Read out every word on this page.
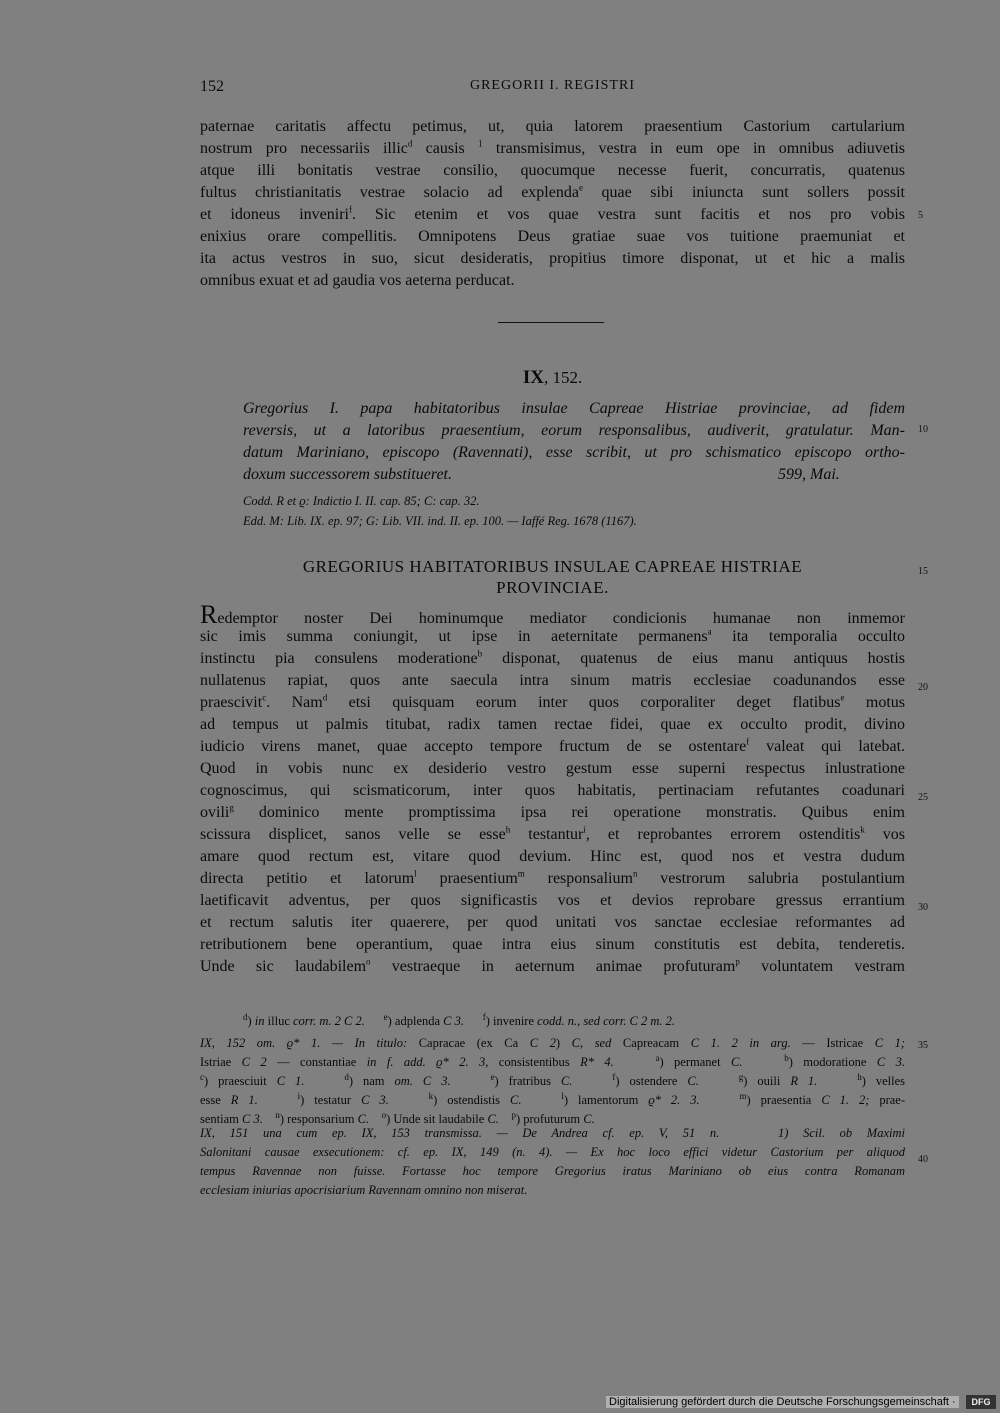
152	GREGORII I. REGISTRI
paternae caritatis affectu petimus, ut, quia latorem praesentium Castorium cartularium
nostrum pro necessariis illic$^d$ causis $^1$ transmisimus, vestra in eum ope in omnibus adiuvetis
atque illi bonitatis vestrae consilio, quocumque necesse fuerit, concurratis, quatenus
fultus christianitatis vestrae solacio ad explenda$^e$ quae sibi iniuncta sunt sollers possit
et idoneus inveniri$^f$. Sic etenim et vos quae vestra sunt facitis et nos pro vobis
enixius orare compellitis. Omnipotens Deus gratiae suae vos tuitione praemuniat et
ita actus vestros in suo, sicut desideratis, propitius timore disponat, ut et hic a malis
omnibus exuat et ad gaudia vos aeterna perducat.
IX, 152.
Gregorius I. papa habitatoribus insulae Capreae Histriae provinciae, ad fidem
reversis, ut a latoribus praesentium, eorum responsalibus, audiverit, gratulatur. Man-
datum Mariniano, episcopo (Ravennati), esse scribit, ut pro schismatico episcopo ortho-
doxum successorem substitueret.	599, Mai.
Codd. R et ϱ: Indictio I. II. cap. 85; C: cap. 32.
Edd. M: Lib. IX. ep. 97; G: Lib. VII. ind. II. ep. 100. — Iaffé Reg. 1678 (1167).
GREGORIUS HABITATORIBUS INSULAE CAPREAE HISTRIAE
PROVINCIAE.
Redemptor noster Dei hominumque mediator condicionis humanae non inmemor
sic imis summa coniungit, ut ipse in aeternitate permanens$^a$ ita temporalia occulto
instinctu pia consulens moderatione$^b$ disponat, quatenus de eius manu antiquus hostis
nullatenus rapiat, quos ante saecula intra sinum matris ecclesiae coadunandos esse
praescivit$^c$. Nam$^d$ etsi quisquam eorum inter quos corporaliter deget flatibus$^e$ motus
ad tempus ut palmis titubat, radix tamen rectae fidei, quae ex occulto prodit, divino
iudicio virens manet, quae accepto tempore fructum de se ostentare$^f$ valeat qui latebat.
Quod in vobis nunc ex desiderio vestro gestum esse superni respectus inlustratione
cognoscimus, qui scismaticorum, inter quos habitatis, pertinaciam refutantes coadunari
ovili$^g$ dominico mente promptissima ipsa rei operatione monstratis. Quibus enim
scissura displicet, sanos velle se esse$^h$ testantur$^i$, et reprobantes errorem ostenditis$^k$ vos
amare quod rectum est, vitare quod devium. Hinc est, quod nos et vestra dudum
directa petitio et latorum$^l$ praesentium$^m$ responsalium$^n$ vestrorum salubria postulantium
laetificavit adventus, per quos significastis vos et devios reprobare gressus errantium
et rectum salutis iter quaerere, per quod unitati vos sanctae ecclesiae reformantes ad
retributionem bene operantium, quae intra eius sinum constitutis est debita, tenderetis.
Unde sic laudabilem$^o$ vestraeque in aeternum animae profuturam$^p$ voluntatem vestram
$^d$) in illuc corr. m. 2 C 2. $^e$) adplenda C 3. $^f$) invenire codd. n., sed corr. C 2 m. 2.
IX, 152 om. ϱ* 1. — In titulo: Capracae (ex Ca C 2) C, sed Capreacam C 1. 2 in arg. — Istricae C 1;
Istriae C 2 — constantiae in f. add. ϱ* 2. 3, consistentibus R* 4.	$^a$) permanet C.	$^b$) modoratione C 3.
$^c$) praesciuit C 1.	$^d$) nam om. C 3.	$^e$) fratribus C.	$^f$) ostendere C.	$^g$) ouili R 1.	$^h$) velles
esse R 1.	$^i$) testatur C 3.	$^k$) ostendistis C.	$^l$) lamentorum ϱ* 2. 3.	$^m$) praesentia C 1. 2; prae-
sentiam C 3. $^n$) responsarium C. $^o$) Unde sit laudabile C. $^p$) profuturum C.
IX, 151 una cum ep. IX, 153 transmissa. — De Andrea cf. ep. V, 51 n.    1) Scil. ob Maximi
Salonitani causae exsecutionem: cf. ep. IX, 149 (n. 4). — Ex hoc loco effici videtur Castorium per aliquod
tempus Ravennae non fuisse. Fortasse hoc tempore Gregorius iratus Mariniano ob eius contra Romanam
ecclesiam iniurias apocrisiarium Ravennam omnino non miserat.
5
10
15
20
25
30
35
40
Digitalisierung gefördert durch die Deutsche Forschungsgemeinschaft ·	DFG
